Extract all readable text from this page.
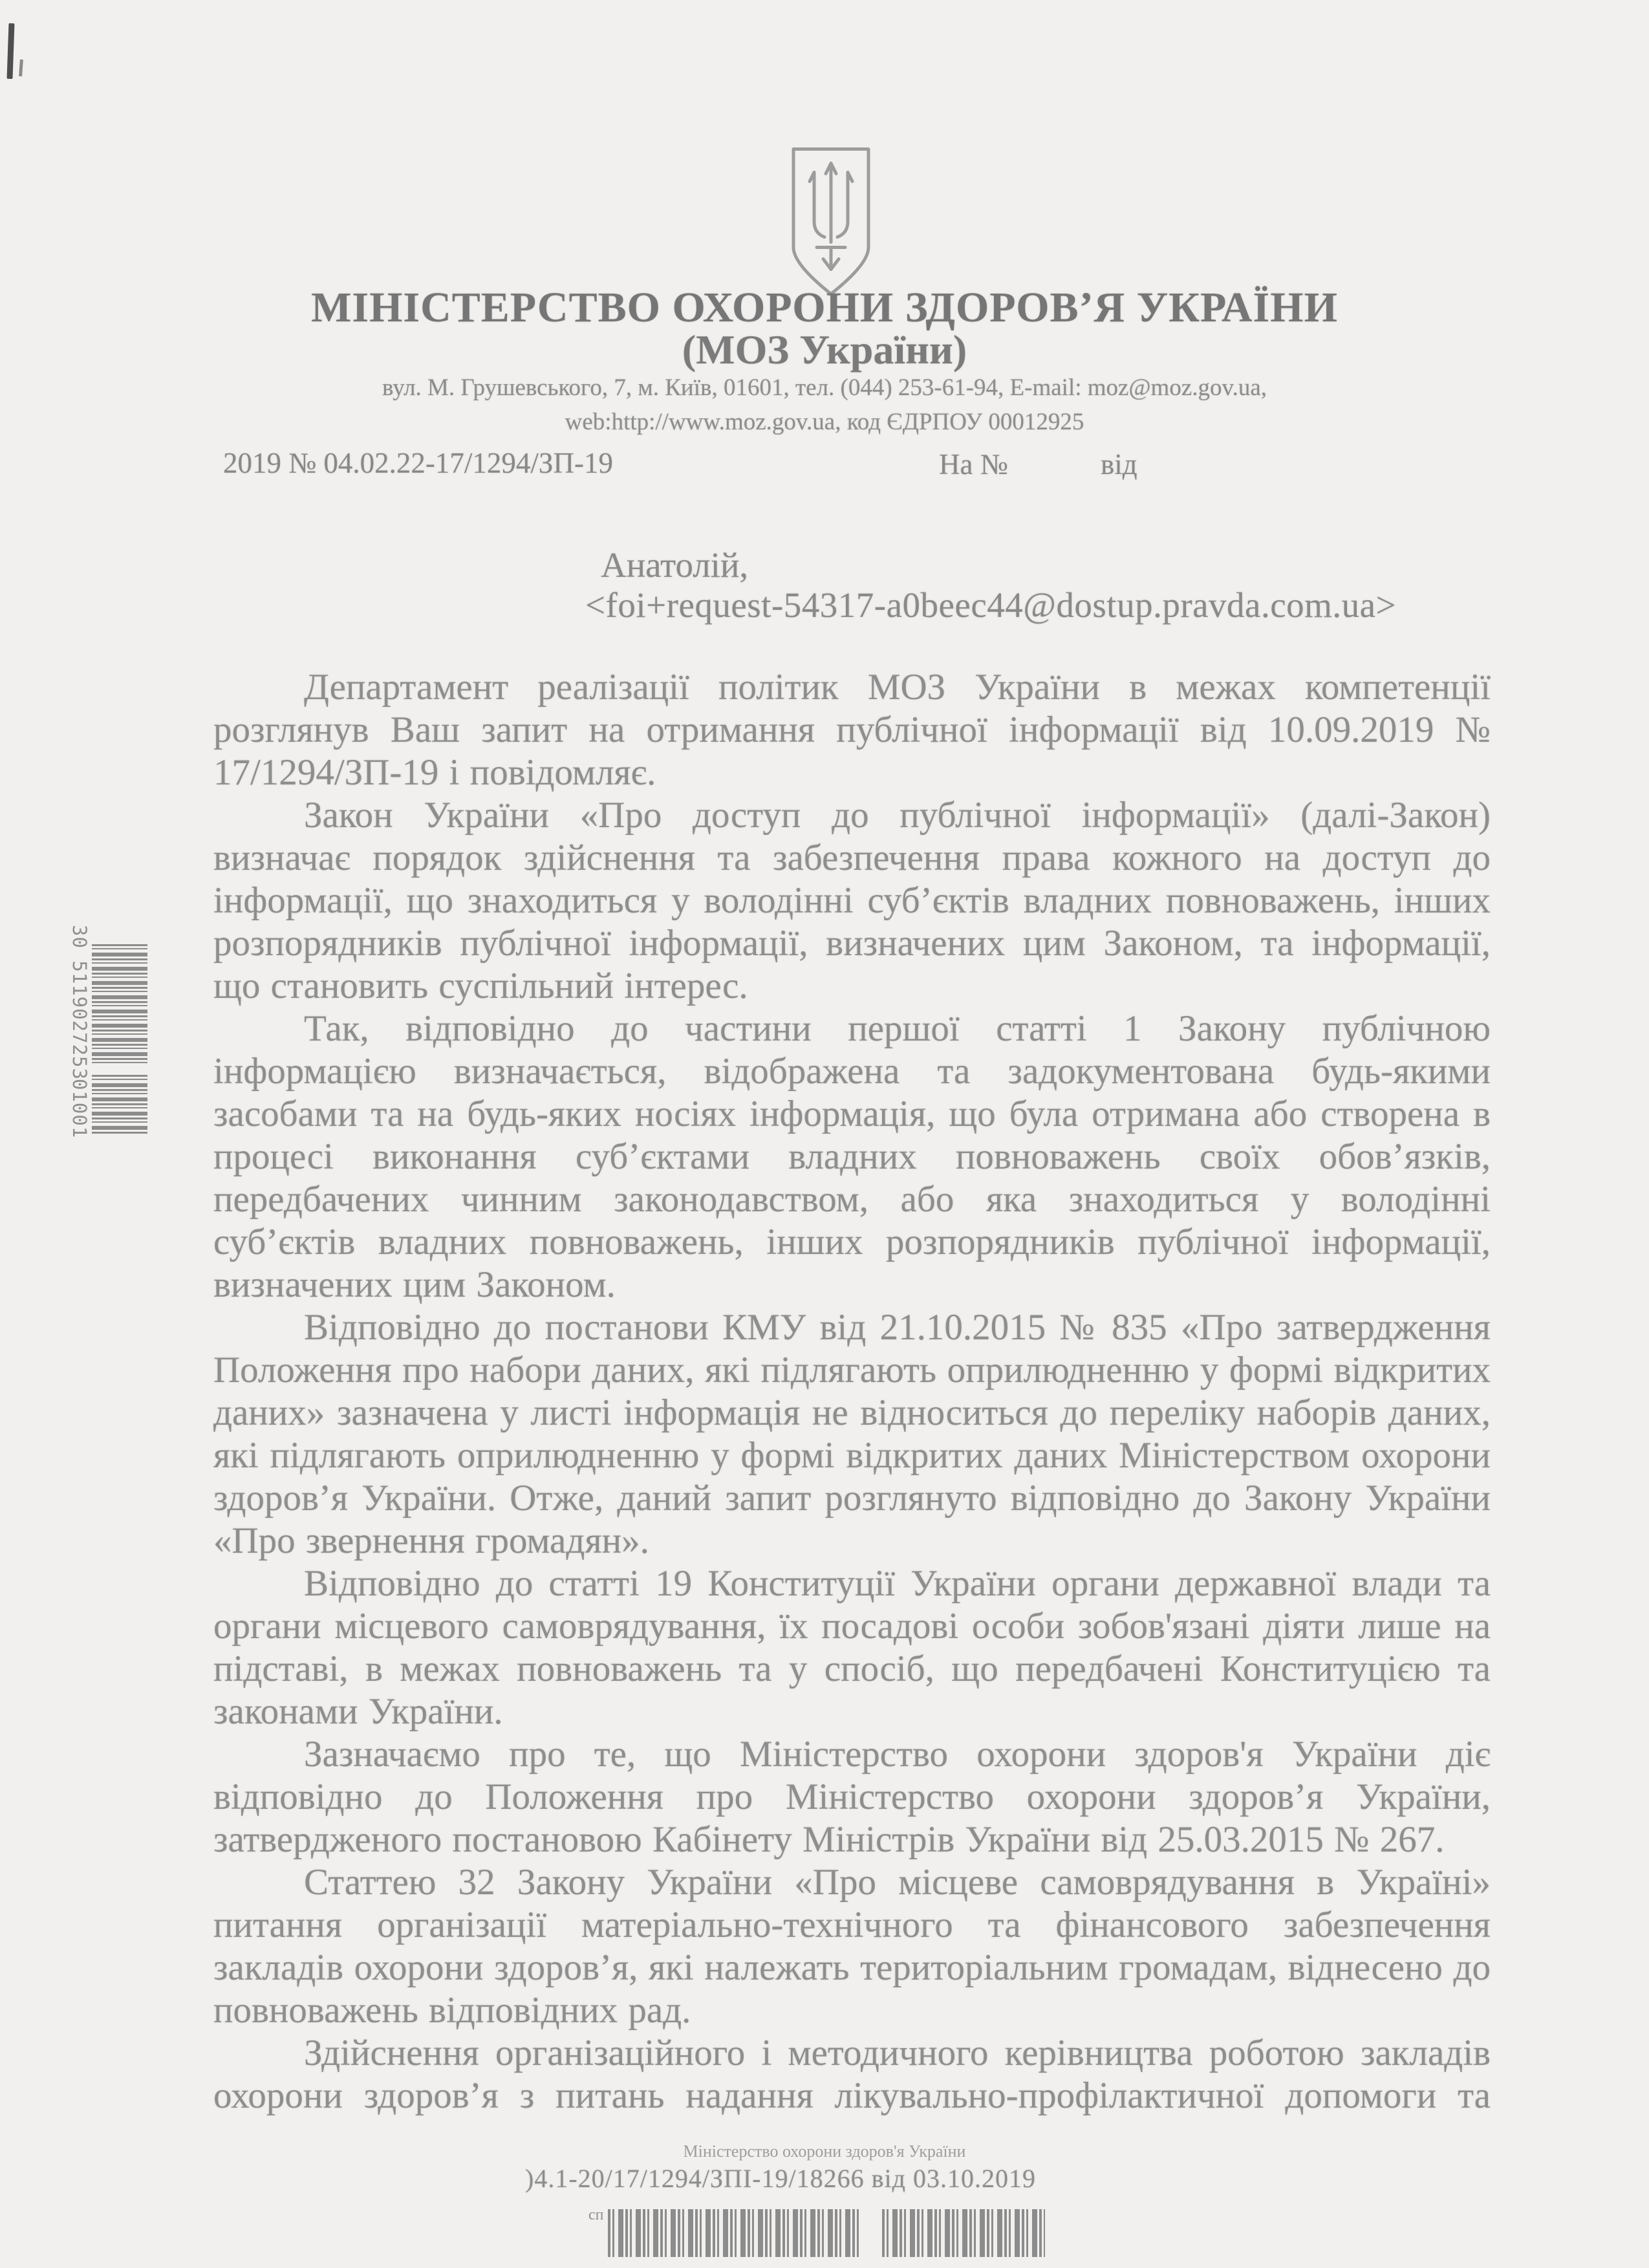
30 5119027253
01001
МІНІСТЕРСТВО ОХОРОНИ ЗДОРОВ’Я УКРАЇНИ
(МОЗ України)
вул. М. Грушевського, 7, м. Київ, 01601, тел. (044) 253-61-94, E-mail: moz@moz.gov.ua,
web:http://www.moz.gov.ua, код ЄДРПОУ 00012925
2019 № 04.02.22-17/1294/ЗП-19	На №	від
Анатолій,
<foi+request-54317-a0beec44@dostup.pravda.com.ua>

Департамент реалізації політик МОЗ України в межах компетенції розглянув Ваш запит на отримання публічної інформації від 10.09.2019 № 17/1294/ЗП-19 і повідомляє.

Закон України «Про доступ до публічної інформації» (далі-Закон) визначає порядок здійснення та забезпечення права кожного на доступ до інформації, що знаходиться у володінні суб’єктів владних повноважень, інших розпорядників публічної інформації, визначених цим Законом, та інформації, що становить суспільний інтерес.

Так, відповідно до частини першої статті 1 Закону публічною інформацією визначається, відображена та задокументована будь-якими засобами та на будь-яких носіях інформація, що була отримана або створена в процесі виконання суб’єктами владних повноважень своїх обов’язків, передбачених чинним законодавством, або яка знаходиться у володінні суб’єктів владних повноважень, інших розпорядників публічної інформації, визначених цим Законом.

Відповідно до постанови КМУ від 21.10.2015 № 835 «Про затвердження Положення про набори даних, які підлягають оприлюдненню у формі відкритих даних» зазначена у листі інформація не відноситься до переліку наборів даних, які підлягають оприлюдненню у формі відкритих даних Міністерством охорони здоров’я України. Отже, даний запит розглянуто відповідно до Закону України «Про звернення громадян».

Відповідно до статті 19 Конституції України органи державної влади та органи місцевого самоврядування, їх посадові особи зобов'язані діяти лише на підставі, в межах повноважень та у спосіб, що передбачені Конституцією та законами України.

Зазначаємо про те, що Міністерство охорони здоров'я України діє відповідно до Положення про Міністерство охорони здоров’я України, затвердженого постановою Кабінету Міністрів України від 25.03.2015 № 267.

Статтею 32 Закону України «Про місцеве самоврядування в Україні» питання організації матеріально-технічного та фінансового забезпечення закладів охорони здоров’я, які належать територіальним громадам, віднесено до повноважень відповідних рад.

Здійснення організаційного і методичного керівництва роботою закладів охорони здоров’я з питань надання лікувально-профілактичної допомоги та

Міністерство охорони здоров'я України
)4.1-20/17/1294/ЗПІ-19/18266 від 03.10.2019
сп
